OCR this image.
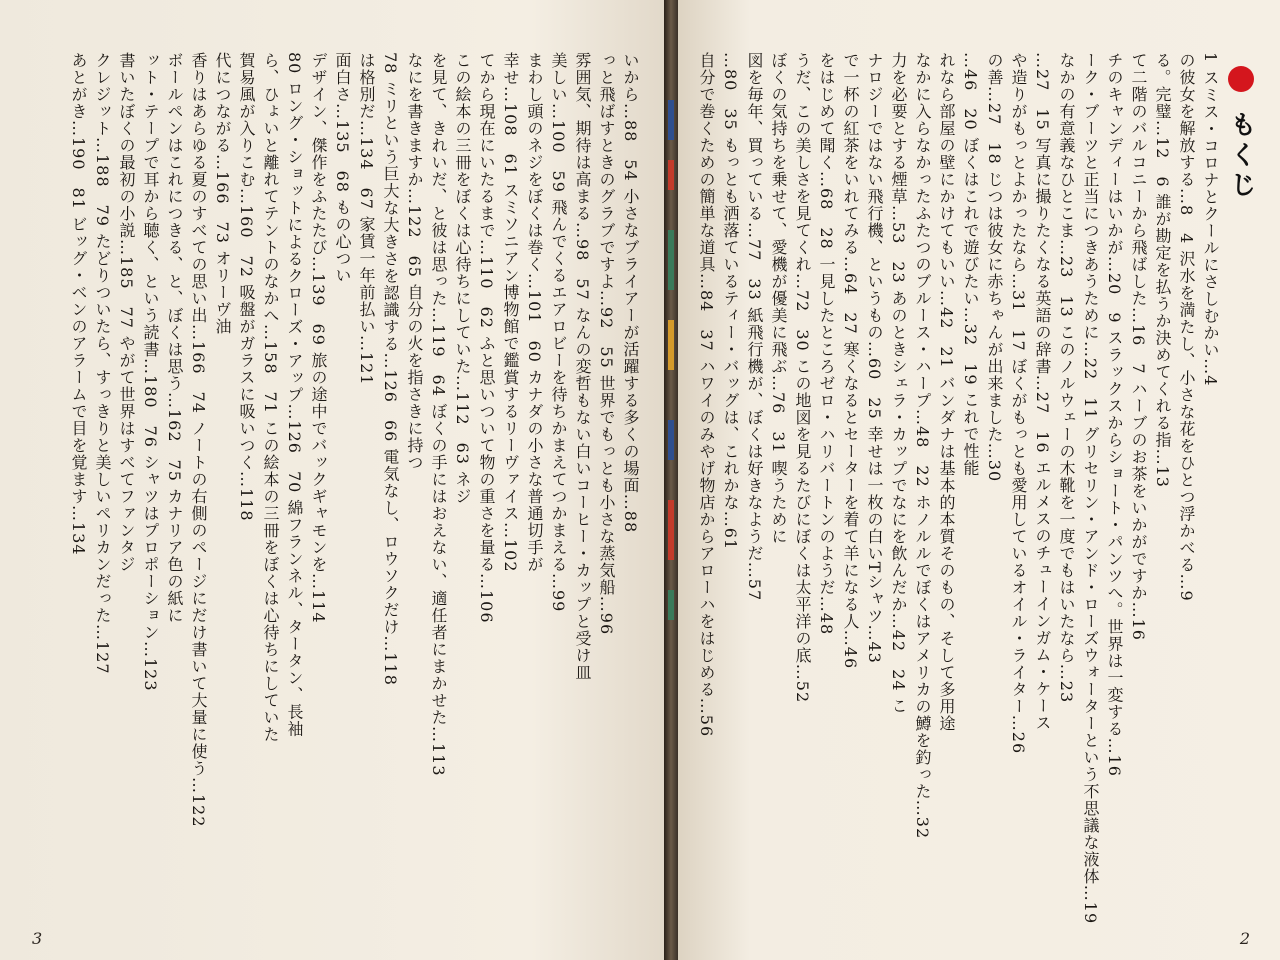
いから…88　54 小さなブライアーが活躍する多くの場面…88
っと飛ばすときのグラブですよ…92　55 世界でもっとも小さな蒸気船…96
雰囲気、期待は高まる…98　57 なんの変哲もない白いコーヒー・カップと受け皿
美しい…100　59 飛んでくるエアロビーを待ちかまえてつかまえる…99
まわし頭のネジをぼくは巻く…101　60 カナダの小さな普通切手が
幸せ…108　61 スミソニアン博物館で鑑賞するリーヴァイス…102
てから現在にいたるまで…110　62 ふと思いついて物の重さを量る…106
この絵本の三冊をぼくは心待ちにしていた…112　63 ネジ
を見て、きれいだ、と彼は思った…119　64 ぼくの手にはおえない、適任者にまかせた…113
なにを書きますか…122　65 自分の火を指さきに持つ
78 ミリという巨大な大きさを認識する…126　66 電気なし、ロウソクだけ…118
は格別だ…134　67 家賃一年前払い…121
面白さ…135　68 もの心つい
デザイン、傑作をふたたび…139　69 旅の途中でバックギャモンを…114
80 ロング・ショットによるクローズ・アップ…126　70 綿フランネル、タータン、長袖
ら、ひょいと離れてテントのなかへ…158　71 この絵本の三冊をぼくは心待ちにしていた
賀易風が入りこむ…160　72 吸盤がガラスに吸いつく…118
代につながる…166　73 オリーヴ油
香りはあらゆる夏のすべての思い出…166　74 ノートの右側のページにだけ書いて大量に使う…122
ボールペンはこれにつきる、と、ぼくは思う…162　75 カナリア色の紙に
ット・テープで耳から聴く、という読書…180　76 シャツはプロポーション…123
書いたぼくの最初の小説…185　77 やがて世界はすべてファンタジ
クレジット…188　79 たどりついたら、すっきりと美しいペリカンだった…127
あとがき…190　81 ビッグ・ベンのアラームで目を覚ます…134
3
もくじ
1 スミス・コロナとクールにさしむかい…4
の彼女を解放する…8　4 沢水を満たし、小さな花をひとつ浮かべる…9
る。完璧…12　6 誰が勘定を払うか決めてくれる指…13
て二階のバルコニーから飛ばした…16　7 ハーブのお茶をいかがですか…16
チのキャンディーはいかが…20　9 スラックスからショート・パンツへ。世界は一変する…16
ーク・ブーツと正当につきあうために…22　11 グリセリン・アンド・ローズウォーターという不思議な液体…19
なかの有意義なひとこま…23　13 このノルウェーの木靴を一度でもはいたなら…23
…27　15 写真に撮りたくなる英語の辞書…27　16 エルメスのチューインガム・ケース
や造りがもっとよかったなら…31　17 ぼくがもっとも愛用しているオイル・ライター…26
の善…27　18 じつは彼女に赤ちゃんが出来ました…30
…46　20 ぼくはこれで遊びたい…32　19 これで性能
れなら部屋の壁にかけてもいい…42　21 バンダナは基本的本質そのもの、そして多用途
なかに入らなかったふたつのブルース・ハープ…48　22 ホノルルでぼくはアメリカの鱒を釣った…32
力を必要とする煙草…53　23 あのときシェラ・カップでなにを飲んだか…42　24 こ
ナロジーではない飛行機、というもの…60　25 幸せは一枚の白いTシャツ…43
で一杯の紅茶をいれてみる…64　27 寒くなるとセーターを着て羊になる人…46
をはじめて聞く…68　28 一見したところゼロ・ハリバートンのようだ…48
うだ、この美しさを見てくれ…72　30 この地図を見るたびにぼくは太平洋の底…52
ぼくの気持ちを乗せて、愛機が優美に飛ぶ…76　31 喫うために
図を毎年、買っている…77　33 紙飛行機が、ぼくは好きなようだ…57
…80　35 もっとも洒落ているティー・バッグは、これかな…61
自分で巻くための簡単な道具…84　37 ハワイのみやげ物店からアローハをはじめる…56
2
